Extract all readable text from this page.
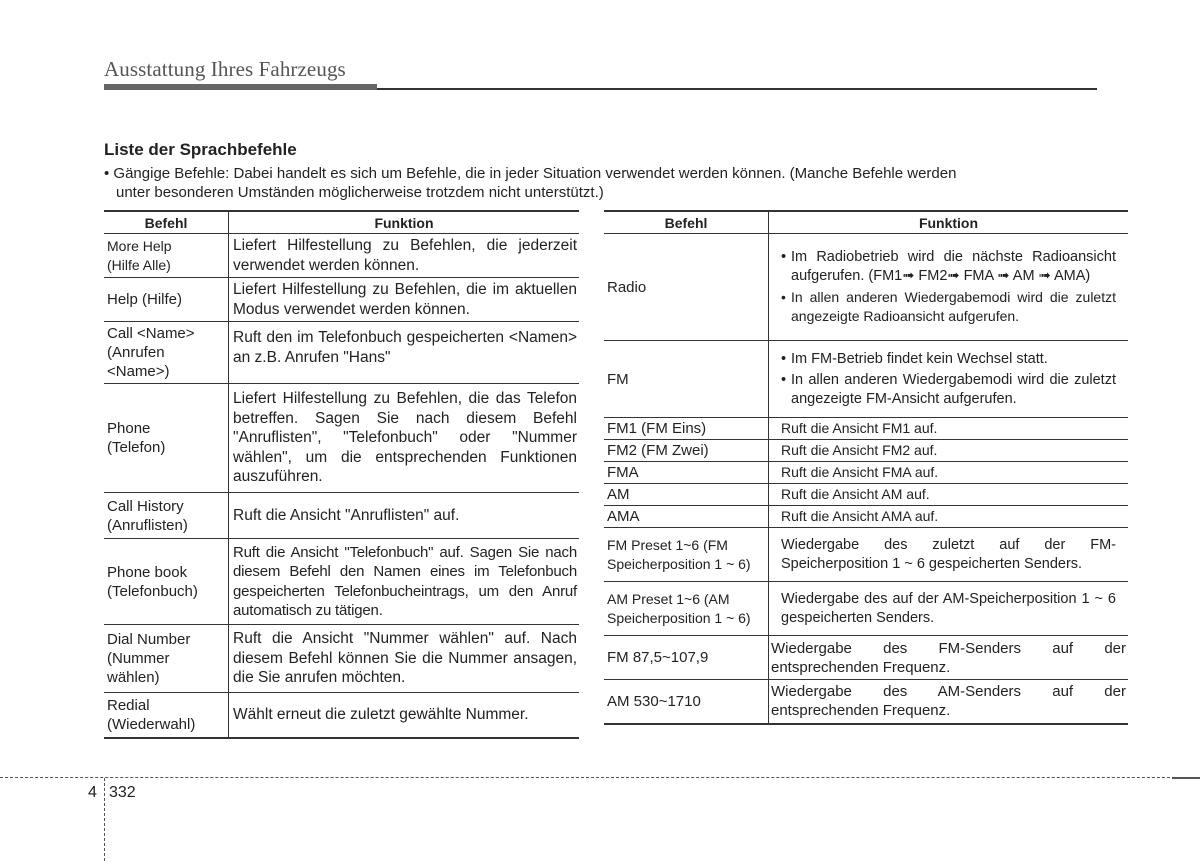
Ausstattung Ihres Fahrzeugs
Liste der Sprachbefehle
• Gängige Befehle: Dabei handelt es sich um Befehle, die in jeder Situation verwendet werden können. (Manche Befehle werden
unter besonderen Umständen möglicherweise trotzdem nicht unterstützt.)
Befehl	Funktion
More Help
(Hilfe Alle)	Liefert Hilfestellung zu Befehlen, die jederzeit verwendet werden können.
Help (Hilfe)	Liefert Hilfestellung zu Befehlen, die im aktuellen Modus verwendet werden können.
Call <Name>
(Anrufen
<Name>)	Ruft den im Telefonbuch gespeicherten <Namen> an z.B. Anrufen "Hans"
Phone
(Telefon)	Liefert Hilfestellung zu Befehlen, die das Telefon betreffen. Sagen Sie nach diesem Befehl "Anruflisten", "Telefonbuch" oder "Nummer wählen", um die entsprechenden Funktionen auszuführen.
Call History
(Anruflisten)	Ruft die Ansicht "Anruflisten" auf.
Phone book
(Telefonbuch)	Ruft die Ansicht "Telefonbuch" auf. Sagen Sie nach diesem Befehl den Namen eines im Telefonbuch gespeicherten Telefonbucheintrags, um den Anruf automatisch zu tätigen.
Dial Number
(Nummer
wählen)	Ruft die Ansicht "Nummer wählen" auf. Nach diesem Befehl können Sie die Nummer ansagen, die Sie anrufen möchten.
Redial
(Wiederwahl)	Wählt erneut die zuletzt gewählte Nummer.
Befehl	Funktion
Radio	• Im Radiobetrieb wird die nächste Radioansicht aufgerufen. (FM1➟ FM2➟ FMA ➟ AM ➟ AMA)
• In allen anderen Wiedergabemodi wird die zuletzt angezeigte Radioansicht aufgerufen.

FM	• Im FM-Betrieb findet kein Wechsel statt.
• In allen anderen Wiedergabemodi wird die zuletzt angezeigte FM-Ansicht aufgerufen.

FM1 (FM Eins)	Ruft die Ansicht FM1 auf.
FM2 (FM Zwei)	Ruft die Ansicht FM2 auf.
FMA	Ruft die Ansicht FMA auf.
AM	Ruft die Ansicht AM auf.
AMA	Ruft die Ansicht AMA auf.
FM Preset 1~6 (FM
Speicherposition 1 ~ 6)	Wiedergabe des zuletzt auf der FM-Speicherposition 1 ~ 6 gespeicherten Senders.
AM Preset 1~6 (AM
Speicherposition 1 ~ 6)	Wiedergabe des auf der AM-Speicherposition 1 ~ 6 gespeicherten Senders.
FM 87,5~107,9	Wiedergabe des FM-Senders auf der entsprechenden Frequenz.
AM 530~1710	Wiedergabe des AM-Senders auf der entsprechenden Frequenz.
4 332
